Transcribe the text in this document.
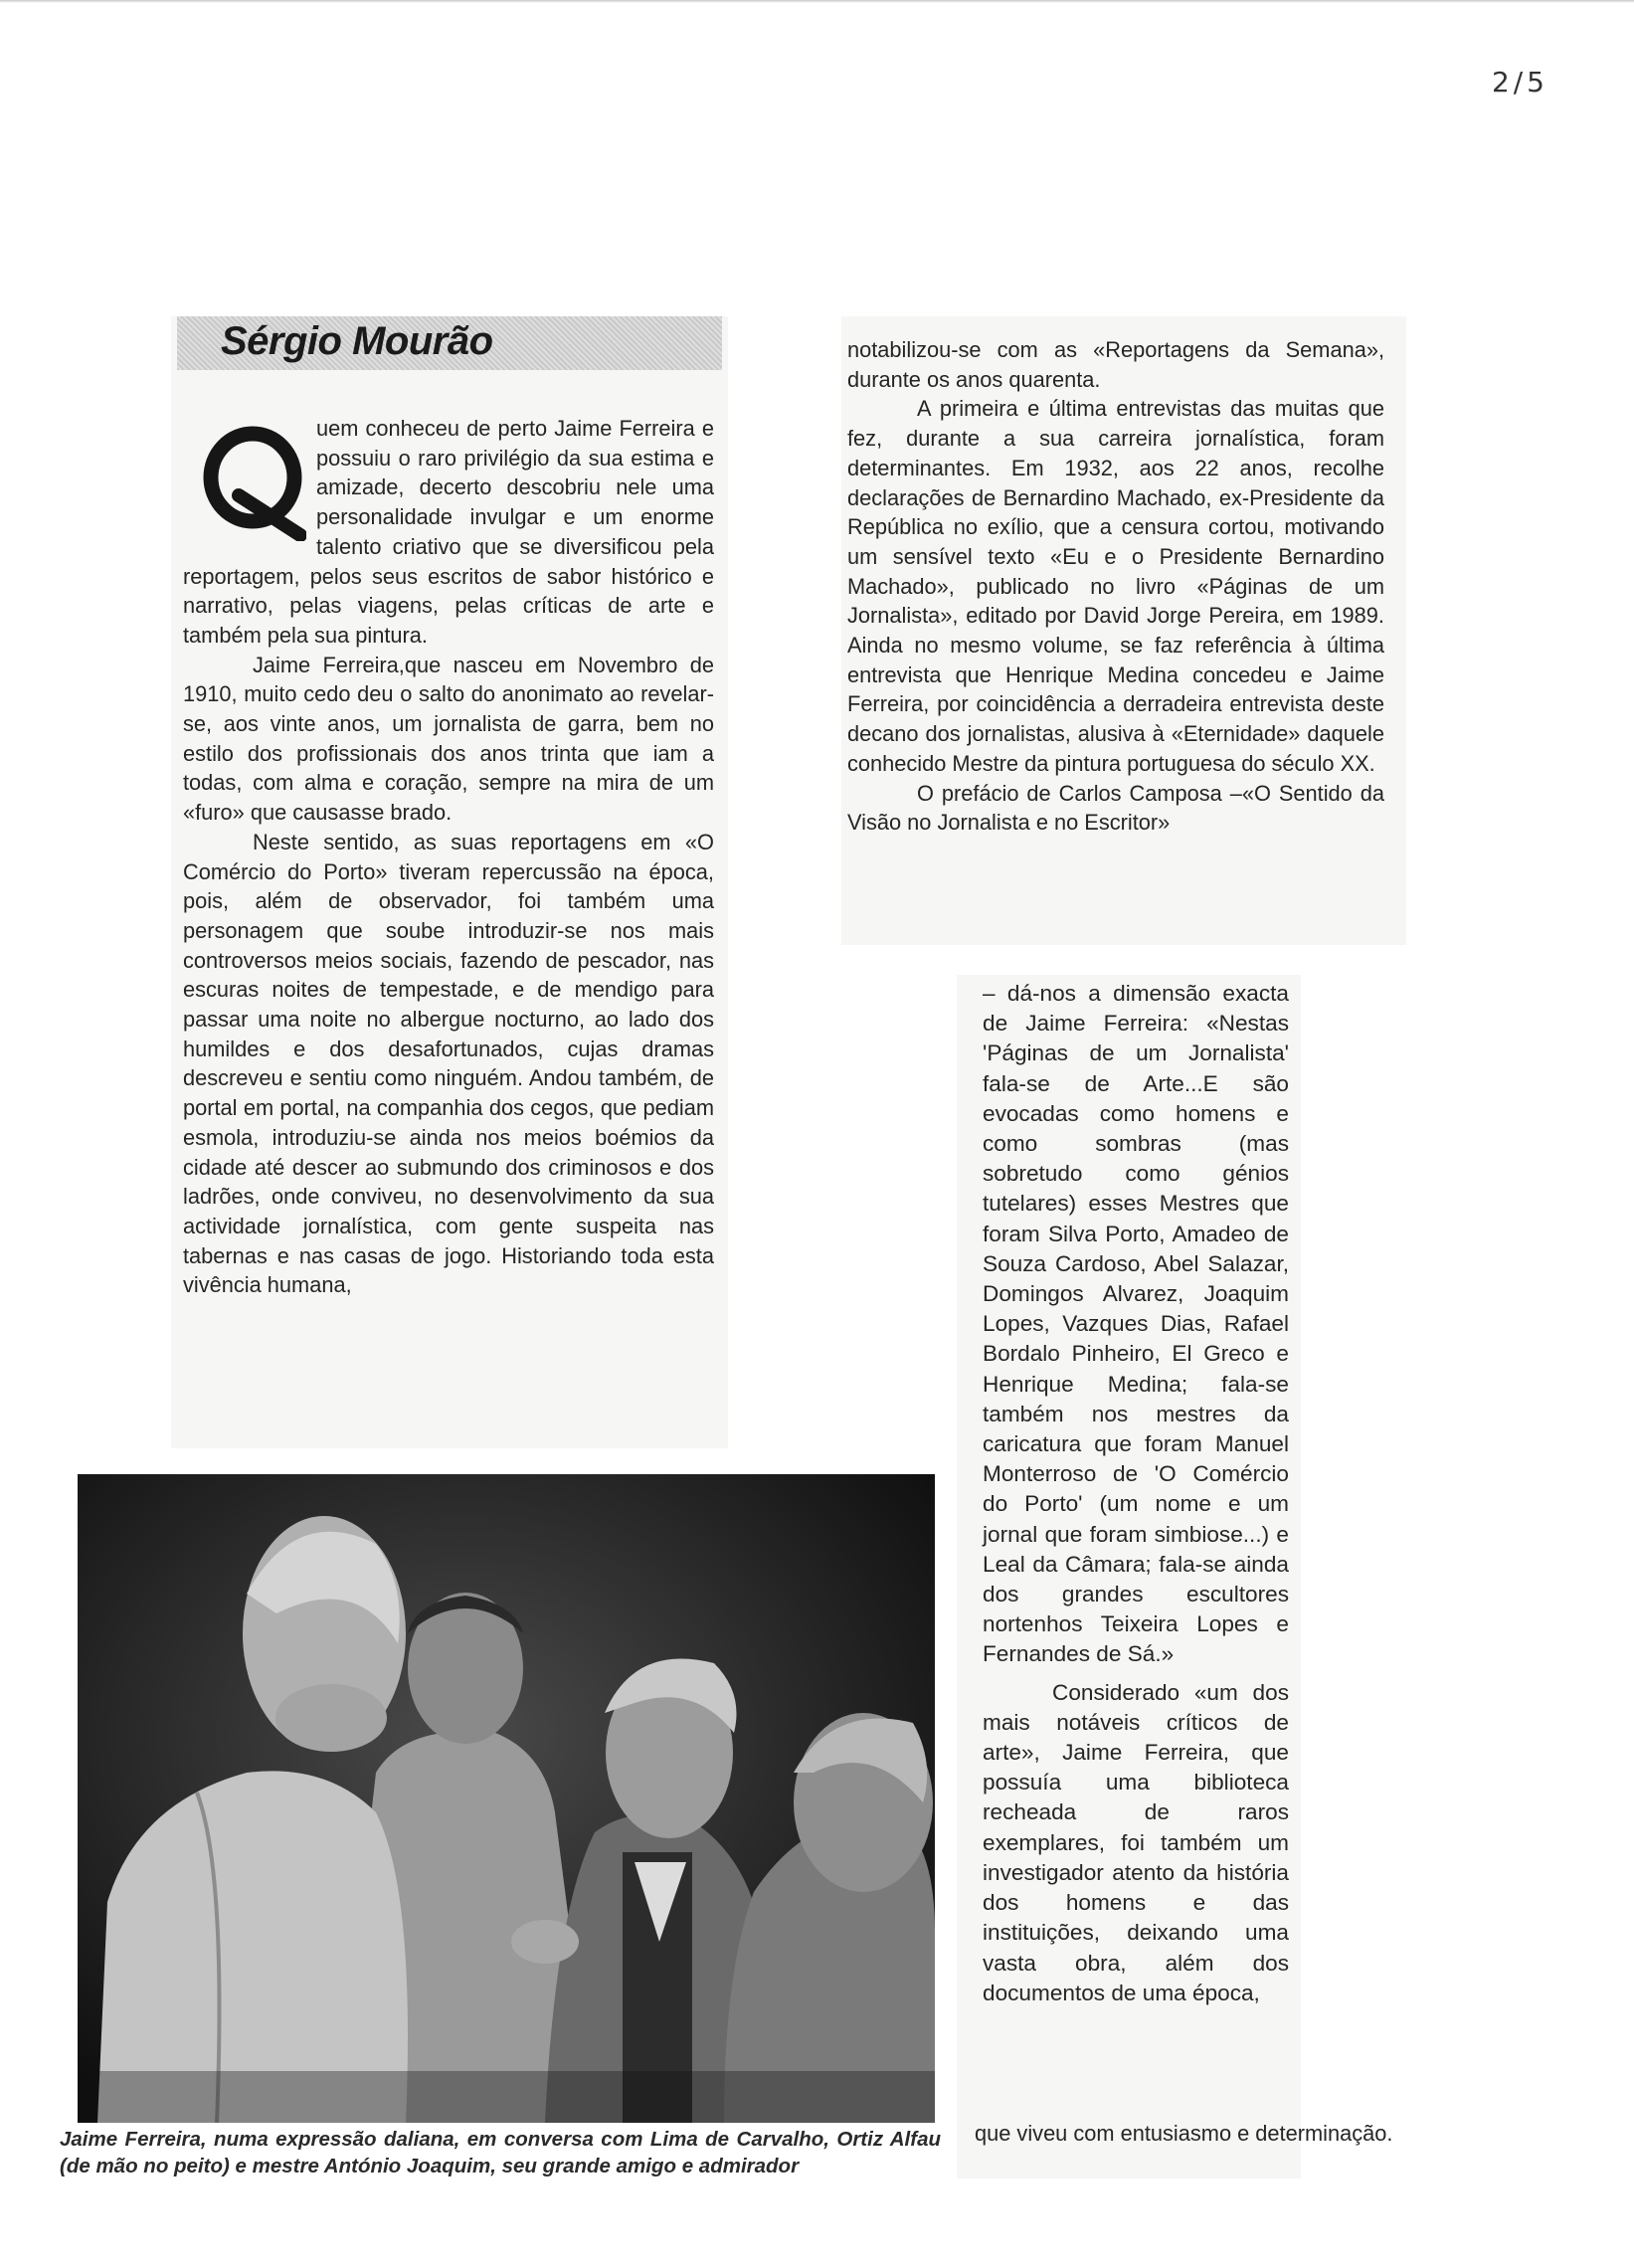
2/5
Sérgio Mourão

uem conheceu de perto Jaime Ferreira e possuiu o raro privilégio da sua estima e amizade, decerto descobriu nele uma personalidade invulgar e um enorme talento criativo que se diversificou pela reportagem, pelos seus escritos de sabor histórico e narrativo, pelas viagens, pelas críticas de arte e também pela sua pintura.

Jaime Ferreira,que nasceu em Novembro de 1910, muito cedo deu o salto do anonimato ao revelar-se, aos vinte anos, um jornalista de garra, bem no estilo dos profissionais dos anos trinta que iam a todas, com alma e coração, sempre na mira de um «furo» que causasse brado.

Neste sentido, as suas reportagens em «O Comércio do Porto» tiveram repercussão na época, pois, além de observador, foi também uma personagem que soube introduzir-se nos mais controversos meios sociais, fazendo de pescador, nas escuras noites de tempestade, e de mendigo para passar uma noite no albergue nocturno, ao lado dos humildes e dos desafortunados, cujas dramas descreveu e sentiu como ninguém. Andou também, de portal em portal, na companhia dos cegos, que pediam esmola, introduziu-se ainda nos meios boémios da cidade até descer ao submundo dos criminosos e dos ladrões, onde conviveu, no desenvolvimento da sua actividade jornalística, com gente suspeita nas tabernas e nas casas de jogo. Historiando toda esta vivência humana,

notabilizou-se com as «Reportagens da Semana», durante os anos quarenta.

A primeira e última entrevistas das muitas que fez, durante a sua carreira jornalística, foram determinantes. Em 1932, aos 22 anos, recolhe declarações de Bernardino Machado, ex-Presidente da República no exílio, que a censura cortou, motivando um sensível texto «Eu e o Presidente Bernardino Machado», publicado no livro «Páginas de um Jornalista», editado por David Jorge Pereira, em 1989. Ainda no mesmo volume, se faz referência à última entrevista que Henrique Medina concedeu e Jaime Ferreira, por coincidência a derradeira entrevista deste decano dos jornalistas, alusiva à «Eternidade» daquele conhecido Mestre da pintura portuguesa do século XX.

O prefácio de Carlos Camposa –«O Sentido da Visão no Jornalista e no Escritor»

– dá-nos a dimensão exacta de Jaime Ferreira: «Nestas 'Páginas de um Jornalista' fala-se de Arte...E são evocadas como homens e como sombras (mas sobretudo como génios tutelares) esses Mestres que foram Silva Porto, Amadeo de Souza Cardoso, Abel Salazar, Domingos Alvarez, Joaquim Lopes, Vazques Dias, Rafael Bordalo Pinheiro, El Greco e Henrique Medina; fala-se também nos mestres da caricatura que foram Manuel Monterroso de 'O Comércio do Porto' (um nome e um jornal que foram simbiose...) e Leal da Câmara; fala-se ainda dos grandes escultores nortenhos Teixeira Lopes e Fernandes de Sá.»

Considerado «um dos mais notáveis críticos de arte», Jaime Ferreira, que possuía uma biblioteca recheada de raros exemplares, foi também um investigador atento da história dos homens e das instituições, deixando uma vasta obra, além dos documentos de uma época,

Jaime Ferreira, numa expressão daliana, em conversa com Lima de Carvalho, Ortiz Alfau (de mão no peito) e mestre António Joaquim, seu grande amigo e admirador
que viveu com entusiasmo e determinação.
